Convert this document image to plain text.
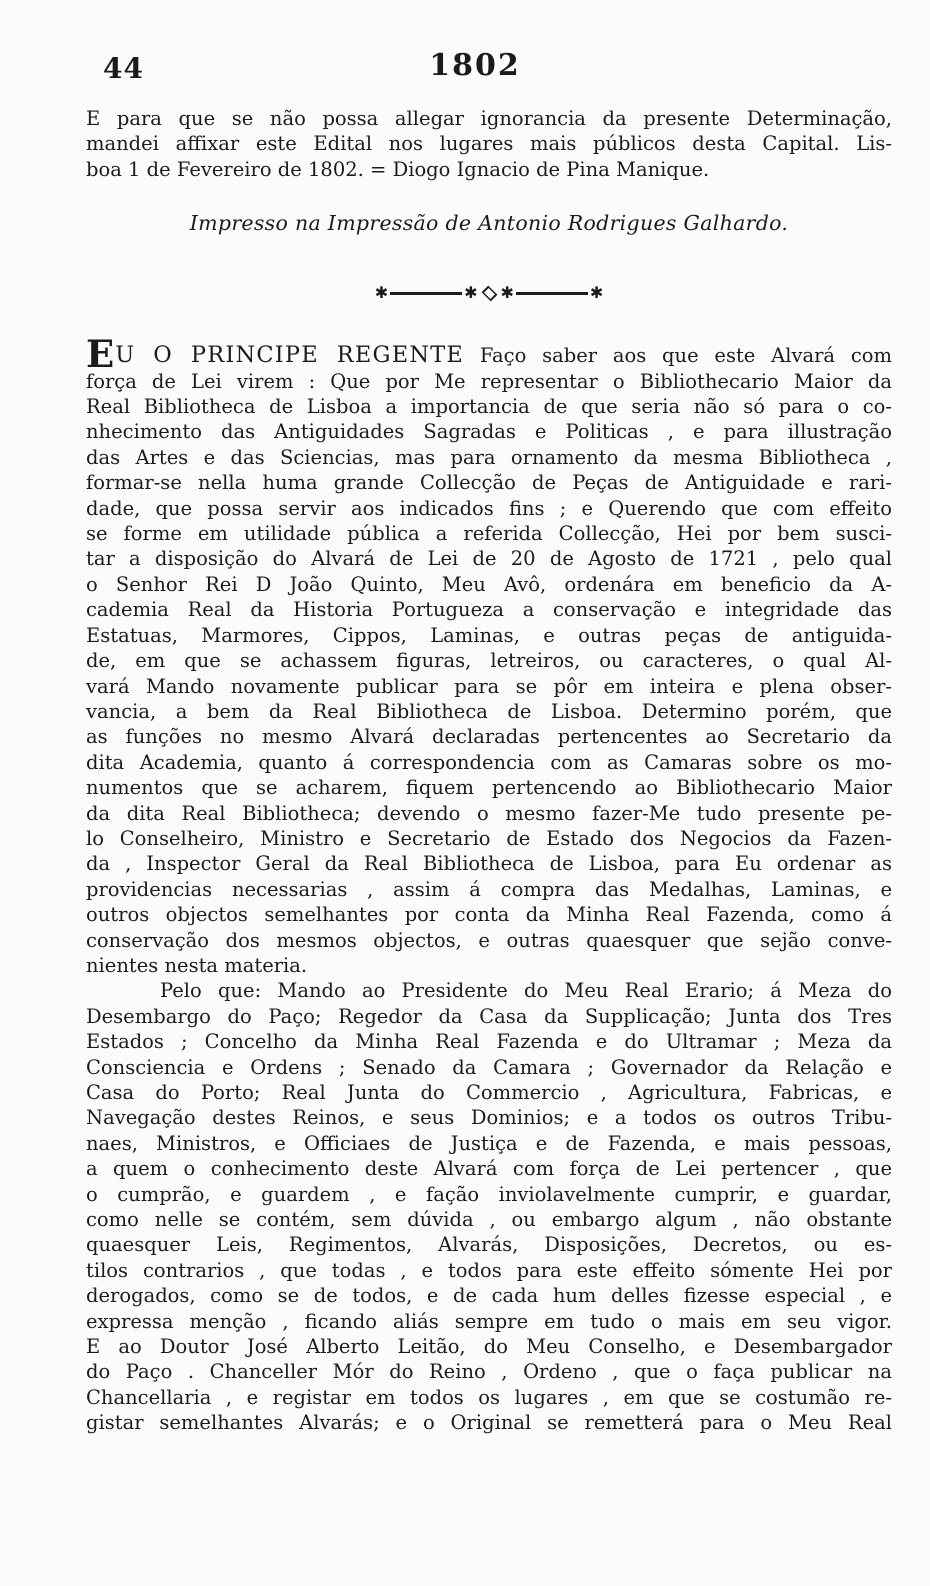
44	1802
E para que se não possa allegar ignorancia da presente Determinação,
mandei affixar este Edital nos lugares mais públicos desta Capital. Lis-
boa 1 de Fevereiro de 1802. = Diogo Ignacio de Pina Manique.
Impresso na Impressão de Antonio Rodrigues Galhardo.
✱	✱ ✱	✱
EU O PRINCIPE REGENTE Faço saber aos que este Alvará com
força de Lei virem : Que por Me representar o Bibliothecario Maior da
Real Bibliotheca de Lisboa a importancia de que seria não só para o co-
nhecimento das Antiguidades Sagradas e Politicas , e para illustração
das Artes e das Sciencias, mas para ornamento da mesma Bibliotheca ,
formar-se nella huma grande Collecção de Peças de Antiguidade e rari-
dade, que possa servir aos indicados fins ; e Querendo que com effeito
se forme em utilidade pública a referida Collecção, Hei por bem susci-
tar a disposição do Alvará de Lei de 20 de Agosto de 1721 , pelo qual
o Senhor Rei D João Quinto, Meu Avô, ordenára em beneficio da A-
cademia Real da Historia Portugueza a conservação e integridade das
Estatuas, Marmores, Cippos, Laminas, e outras peças de antiguida-
de, em que se achassem figuras, letreiros, ou caracteres, o qual Al-
vará Mando novamente publicar para se pôr em inteira e plena obser-
vancia, a bem da Real Bibliotheca de Lisboa. Determino porém, que
as funções no mesmo Alvará declaradas pertencentes ao Secretario da
dita Academia, quanto á correspondencia com as Camaras sobre os mo-
numentos que se acharem, fiquem pertencendo ao Bibliothecario Maior
da dita Real Bibliotheca; devendo o mesmo fazer-Me tudo presente pe-
lo Conselheiro, Ministro e Secretario de Estado dos Negocios da Fazen-
da , Inspector Geral da Real Bibliotheca de Lisboa, para Eu ordenar as
providencias necessarias , assim á compra das Medalhas, Laminas, e
outros objectos semelhantes por conta da Minha Real Fazenda, como á
conservação dos mesmos objectos, e outras quaesquer que sejão conve-
nientes nesta materia.
Pelo que: Mando ao Presidente do Meu Real Erario; á Meza do
Desembargo do Paço; Regedor da Casa da Supplicação; Junta dos Tres
Estados ; Concelho da Minha Real Fazenda e do Ultramar ; Meza da
Consciencia e Ordens ; Senado da Camara ; Governador da Relação e
Casa do Porto; Real Junta do Commercio , Agricultura, Fabricas, e
Navegação destes Reinos, e seus Dominios; e a todos os outros Tribu-
naes, Ministros, e Officiaes de Justiça e de Fazenda, e mais pessoas,
a quem o conhecimento deste Alvará com força de Lei pertencer , que
o cumprão, e guardem , e fação inviolavelmente cumprir, e guardar,
como nelle se contém, sem dúvida , ou embargo algum , não obstante
quaesquer Leis, Regimentos, Alvarás, Disposições, Decretos, ou es-
tilos contrarios , que todas , e todos para este effeito sómente Hei por
derogados, como se de todos, e de cada hum delles fizesse especial , e
expressa menção , ficando aliás sempre em tudo o mais em seu vigor.
E ao Doutor José Alberto Leitão, do Meu Conselho, e Desembargador
do Paço . Chanceller Mór do Reino , Ordeno , que o faça publicar na
Chancellaria , e registar em todos os lugares , em que se costumão re-
gistar semelhantes Alvarás; e o Original se remetterá para o Meu Real
